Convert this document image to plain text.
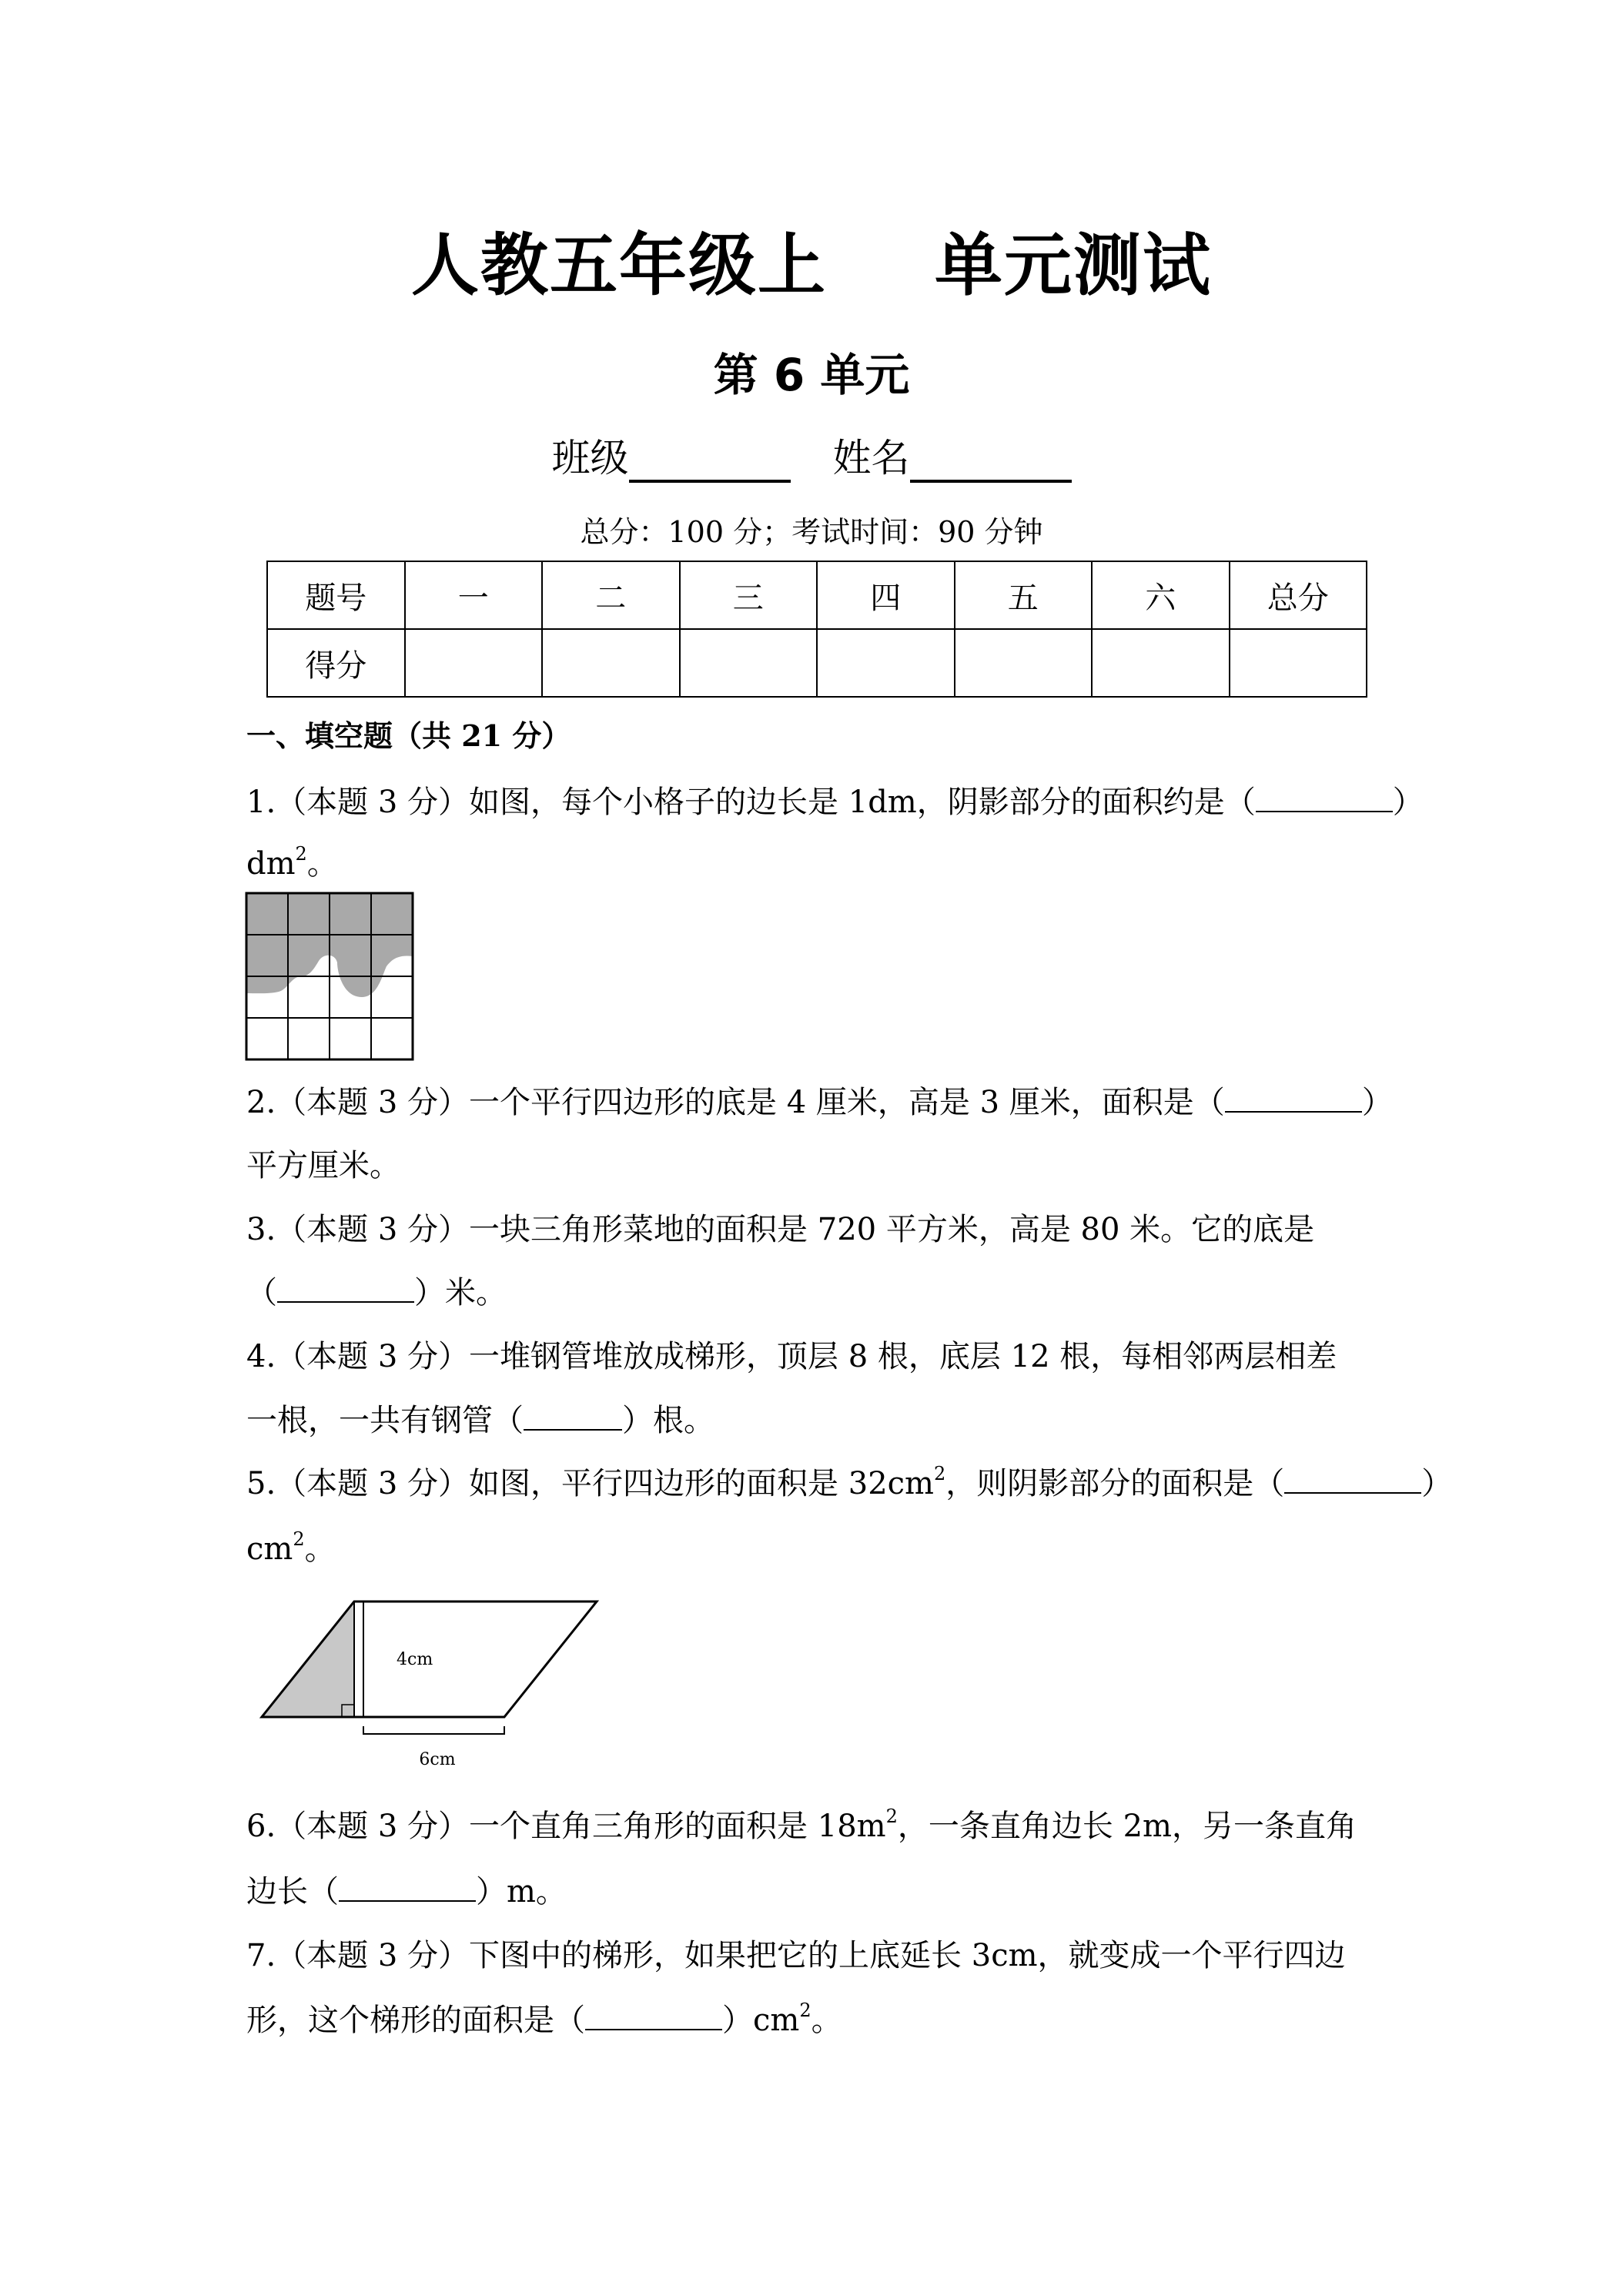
人教五年级上 单元测试
第 6 单元
班级	姓名
总分：100 分；考试时间：90 分钟
题号	一	二	三	四	五	六	总分
得分							
一、填空题（共 21 分）
1.（本题 3 分）如图，每个小格子的边长是 1dm，阴影部分的面积约是（	）
$dm^2$。
2.（本题 3 分）一个平行四边形的底是 4 厘米，高是 3 厘米，面积是（	）
平方厘米。
3.（本题 3 分）一块三角形菜地的面积是 720 平方米，高是 80 米。它的底是
（	）米。
4.（本题 3 分）一堆钢管堆放成梯形，顶层 8 根，底层 12 根，每相邻两层相差
一根，一共有钢管（	）根。
5.（本题 3 分）如图，平行四边形的面积是 $32cm^2$，则阴影部分的面积是（	）
$cm^2$。
4cm
6cm
6.（本题 3 分）一个直角三角形的面积是 $18m^2$，一条直角边长 2m，另一条直角
边长（	）m。
7.（本题 3 分）下图中的梯形，如果把它的上底延长 3cm，就变成一个平行四边
形，这个梯形的面积是（	）$cm^2$。
